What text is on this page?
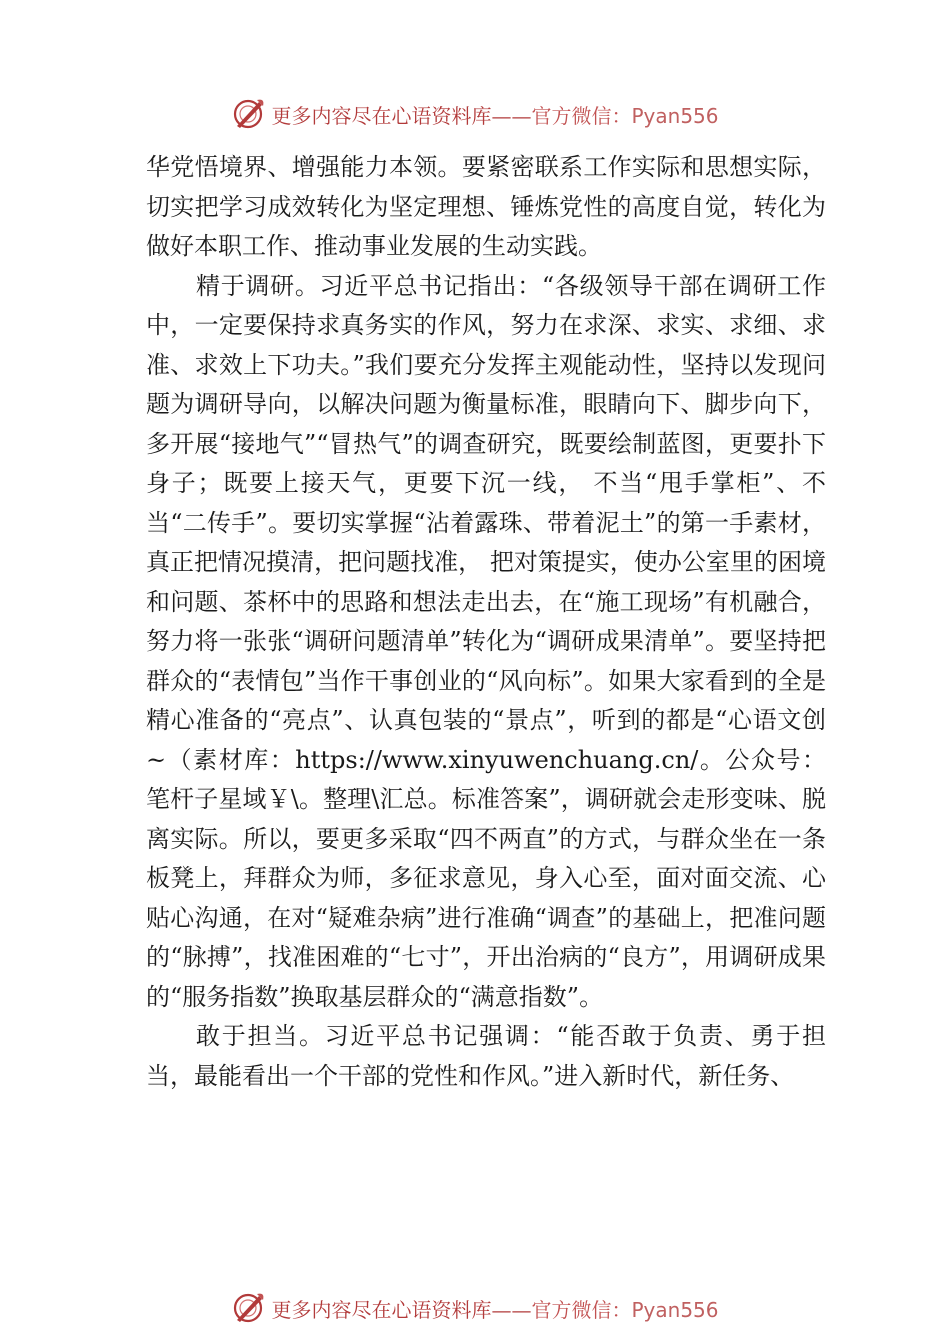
更多内容尽在心语资料库——官方微信：Pyan556

华党悟境界、增强能力本领。要紧密联系工作实际和思想实际，切实把学习成效转化为坚定理想、锤炼党性的高度自觉，转化为做好本职工作、推动事业发展的生动实践。

精于调研。习近平总书记指出：“各级领导干部在调研工作中，一定要保持求真务实的作风，努力在求深、求实、求细、求准、求效上下功夫。”我们要充分发挥主观能动性，坚持以发现问题为调研导向，以解决问题为衡量标准，眼睛向下、脚步向下，多开展“接地气”“冒热气”的调查研究，既要绘制蓝图，更要扑下身子；既要上接天气，更要下沉一线， 不当“甩手掌柜”、不当“二传手”。要切实掌握“沾着露珠、带着泥土”的第一手素材，真正把情况摸清，把问题找准， 把对策提实，使办公室里的困境和问题、茶杯中的思路和想法走出去，在“施工现场”有机融合，努力将一张张“调研问题清单”转化为“调研成果清单”。要坚持把群众的“表情包”当作干事创业的“风向标”。如果大家看到的全是精心准备的“亮点”、认真包装的“景点”，听到的都是“心语文创~（素材库：https://www.xinyuwenchuang.cn/。公众号：笔杆子星域￥\。整理\汇总。标准答案”，调研就会走形变味、脱离实际。所以，要更多采取“四不两直”的方式，与群众坐在一条板凳上，拜群众为师，多征求意见，身入心至，面对面交流、心贴心沟通，在对“疑难杂病”进行准确“调查”的基础上，把准问题的“脉搏”，找准困难的“七寸”，开出治病的“良方”，用调研成果的“服务指数”换取基层群众的“满意指数”。

敢于担当。习近平总书记强调：“能否敢于负责、勇于担当，最能看出一个干部的党性和作风。”进入新时代，新任务、

更多内容尽在心语资料库——官方微信：Pyan556
